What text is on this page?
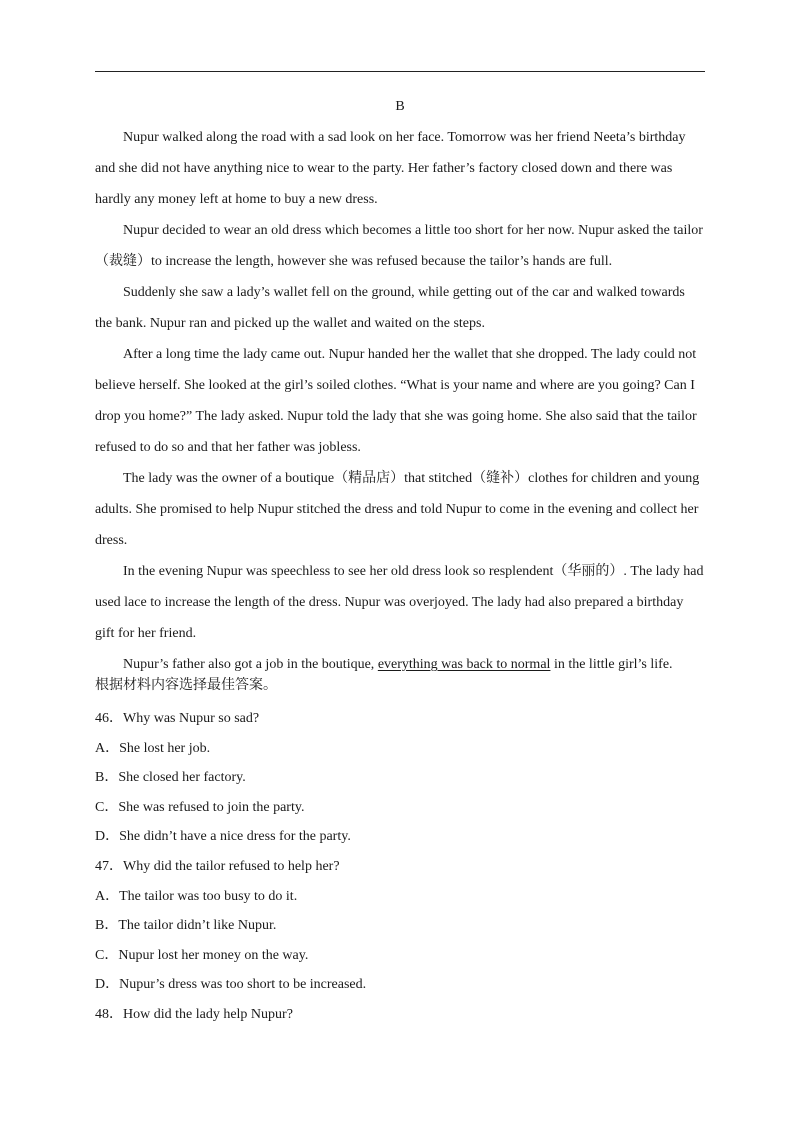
B

Nupur walked along the road with a sad look on her face. Tomorrow was her friend Neeta’s birthday and she did not have anything nice to wear to the party. Her father’s factory closed down and there was hardly any money left at home to buy a new dress.

Nupur decided to wear an old dress which becomes a little too short for her now. Nupur asked the tailor（裁缝）to increase the length, however she was refused because the tailor’s hands are full.

Suddenly she saw a lady’s wallet fell on the ground, while getting out of the car and walked towards the bank. Nupur ran and picked up the wallet and waited on the steps.

After a long time the lady came out. Nupur handed her the wallet that she dropped. The lady could not believe herself. She looked at the girl’s soiled clothes. “What is your name and where are you going? Can I drop you home?” The lady asked. Nupur told the lady that she was going home. She also said that the tailor refused to do so and that her father was jobless.

The lady was the owner of a boutique（精品店）that stitched（缝补）clothes for children and young adults. She promised to help Nupur stitched the dress and told Nupur to come in the evening and collect her dress.

In the evening Nupur was speechless to see her old dress look so resplendent（华丽的）. The lady had used lace to increase the length of the dress. Nupur was overjoyed. The lady had also prepared a birthday gift for her friend.

Nupur’s father also got a job in the boutique, everything was back to normal in the little girl’s life.

根据材料内容选择最佳答案。

46．Why was Nupur so sad?

A．She lost her job.

B．She closed her factory.

C．She was refused to join the party.

D．She didn’t have a nice dress for the party.

47．Why did the tailor refused to help her?

A．The tailor was too busy to do it.

B．The tailor didn’t like Nupur.

C．Nupur lost her money on the way.

D．Nupur’s dress was too short to be increased.

48．How did the lady help Nupur?
